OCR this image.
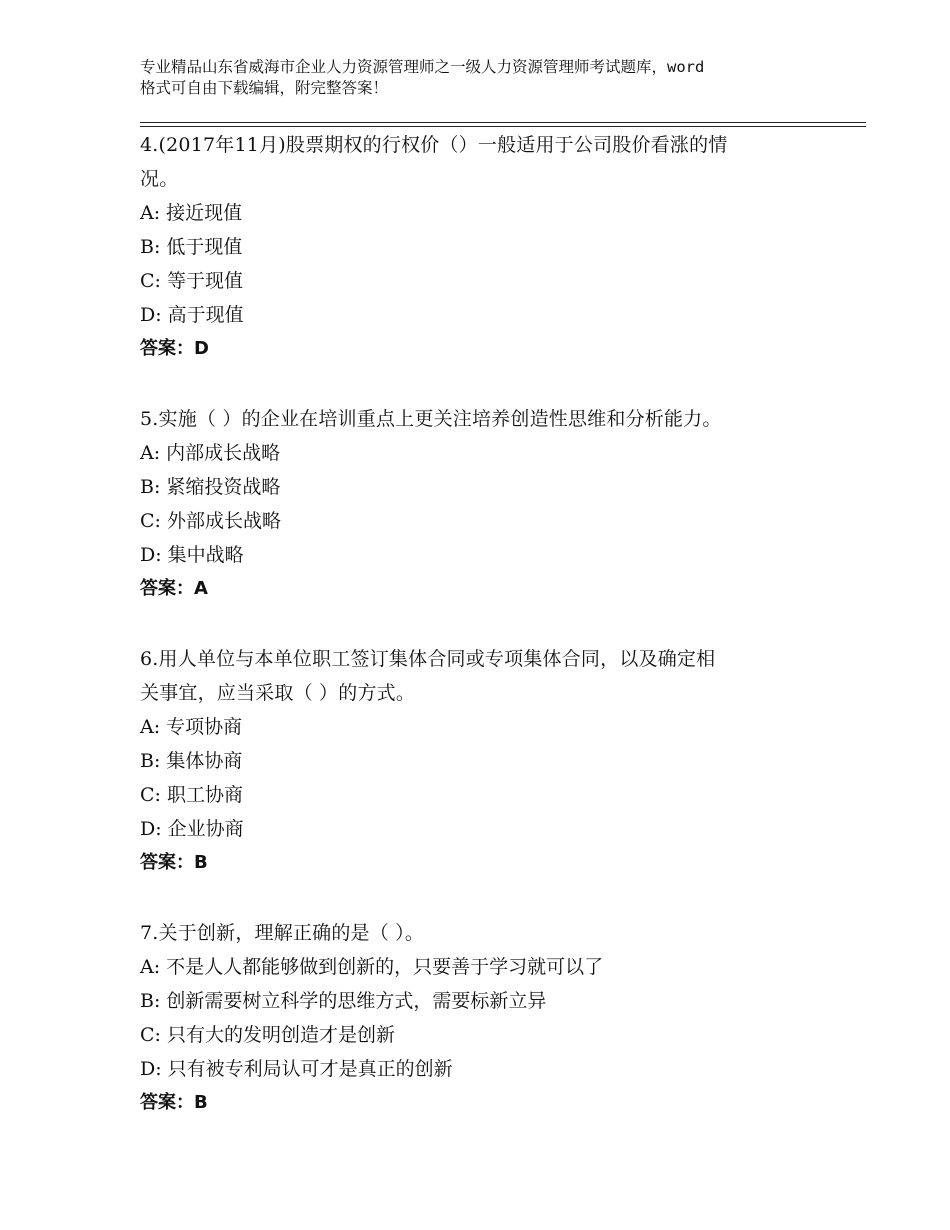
专业精品山东省威海市企业人力资源管理师之一级人力资源管理师考试题库，word
格式可自由下载编辑，附完整答案！
4.(2017年11月)股票期权的行权价（）一般适用于公司股价看涨的情
况。
A: 接近现值
B: 低于现值
C: 等于现值
D: 高于现值
答案：D
5.实施（ ）的企业在培训重点上更关注培养创造性思维和分析能力。
A: 内部成长战略
B: 紧缩投资战略
C: 外部成长战略
D: 集中战略
答案：A
6.用人单位与本单位职工签订集体合同或专项集体合同，以及确定相
关事宜，应当采取（ ）的方式。
A: 专项协商
B: 集体协商
C: 职工协商
D: 企业协商
答案：B
7.关于创新，理解正确的是（ ）。
A: 不是人人都能够做到创新的，只要善于学习就可以了
B: 创新需要树立科学的思维方式，需要标新立异
C: 只有大的发明创造才是创新
D: 只有被专利局认可才是真正的创新
答案：B
